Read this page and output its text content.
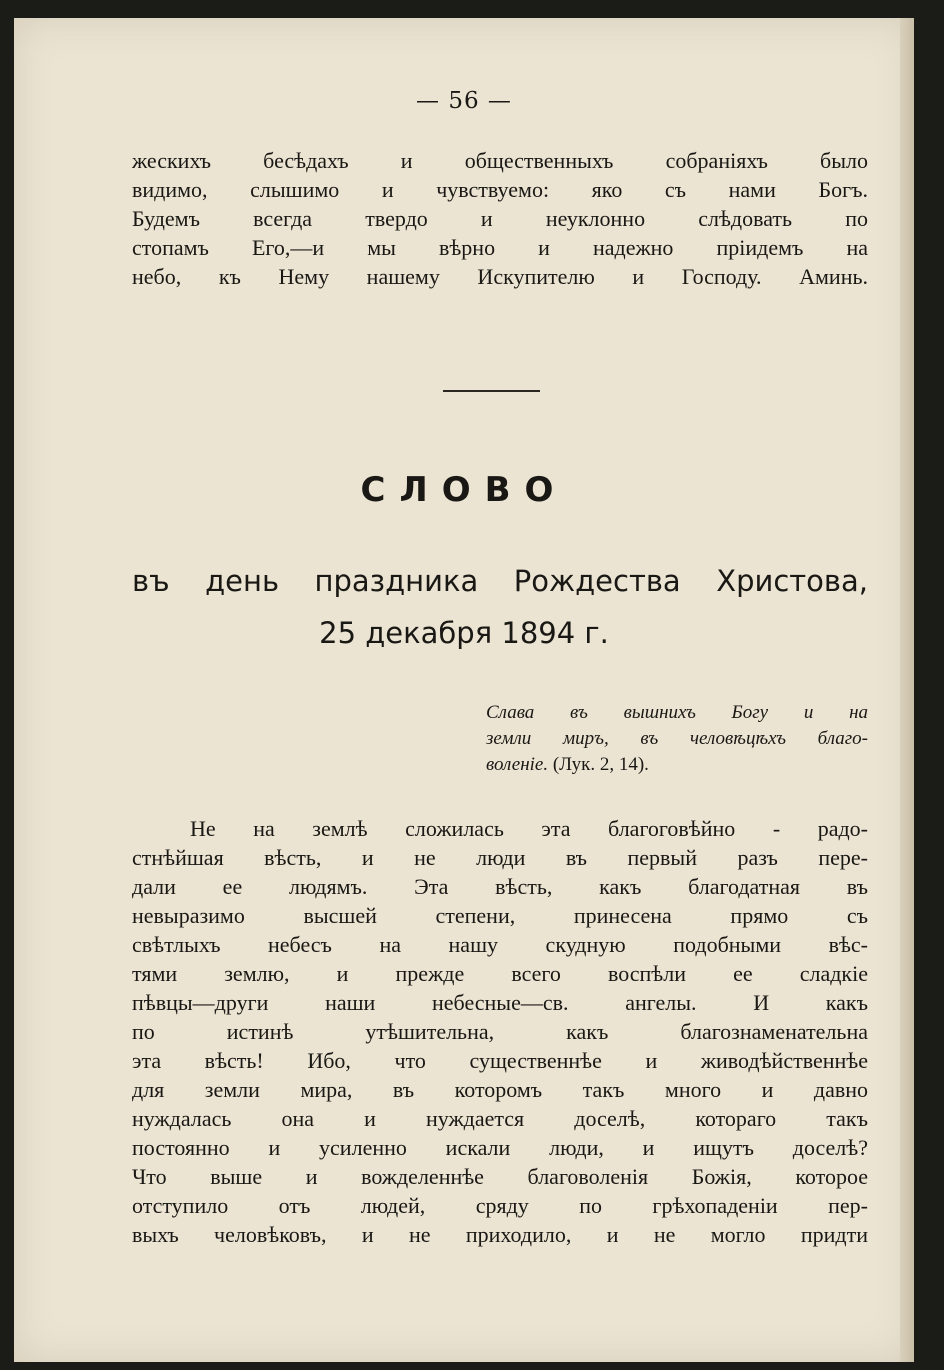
— 56 —
жескихъ бесѣдахъ и общественныхъ собраніяхъ было
видимо, слышимо и чувствуемо: яко съ нами Богъ.
Будемъ всегда твердо и неуклонно слѣдовать по
стопамъ Его,—и мы вѣрно и надежно пріидемъ на
небо, къ Нему нашему Искупителю и Господу. Аминь.
СЛОВО
въ день праздника Рождества Христова,
25 декабря 1894 г.
Слава въ вышнихъ Богу и на
земли миръ, въ человѣцѣхъ благо-
воленіе. (Лук. 2, 14).
Не на землѣ сложилась эта благоговѣйно - радо-
стнѣйшая вѣсть, и не люди въ первый разъ пере-
дали ее людямъ. Эта вѣсть, какъ благодатная въ
невыразимо высшей степени, принесена прямо съ
свѣтлыхъ небесъ на нашу скудную подобными вѣс-
тями землю, и прежде всего воспѣли ее сладкіе
пѣвцы—други наши небесные—св. ангелы. И какъ
по истинѣ утѣшительна, какъ благознаменательна
эта вѣсть! Ибо, что существеннѣе и живодѣйственнѣе
для земли мира, въ которомъ такъ много и давно
нуждалась она и нуждается доселѣ, котораго такъ
постоянно и усиленно искали люди, и ищутъ доселѣ?
Что выше и вожделеннѣе благоволенія Божія, которое
отступило отъ людей, сряду по грѣхопаденіи пер-
выхъ человѣковъ, и не приходило, и не могло придти
